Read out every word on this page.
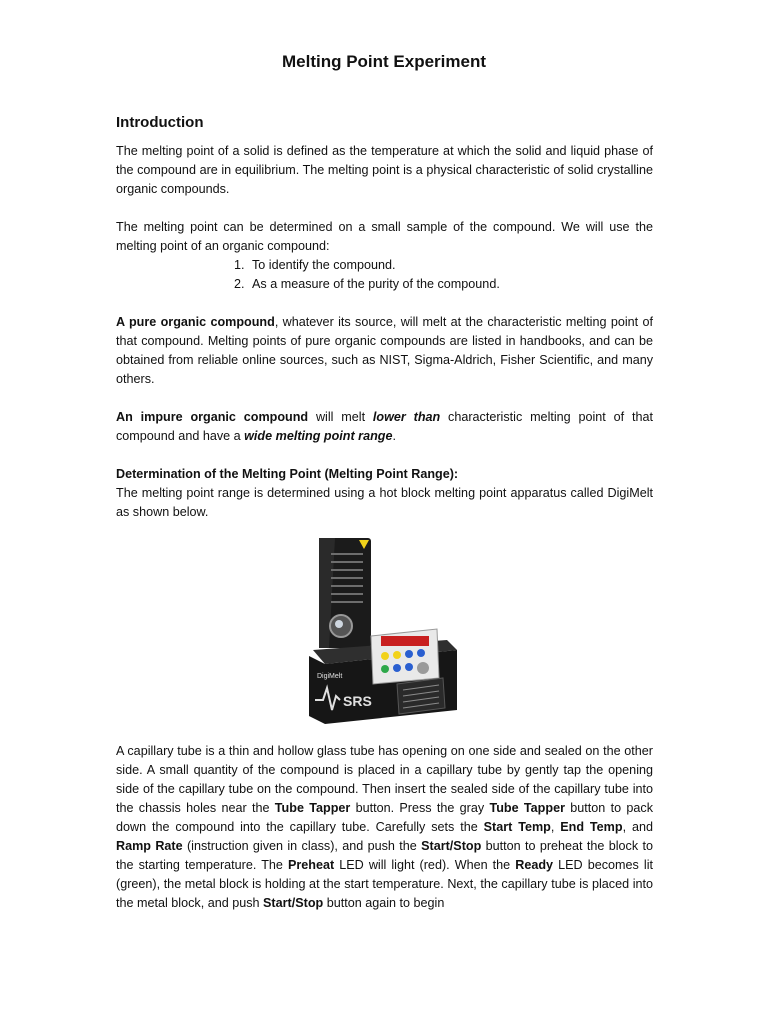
Melting Point Experiment
Introduction

The melting point of a solid is defined as the temperature at which the solid and liquid phase of the compound are in equilibrium. The melting point is a physical characteristic of solid crystalline organic compounds.

The melting point can be determined on a small sample of the compound. We will use the melting point of an organic compound:

1. To identify the compound.
2. As a measure of the purity of the compound.

A pure organic compound, whatever its source, will melt at the characteristic melting point of that compound. Melting points of pure organic compounds are listed in handbooks, and can be obtained from reliable online sources, such as NIST, Sigma-Aldrich, Fisher Scientific, and many others.

An impure organic compound will melt lower than characteristic melting point of that compound and have a wide melting point range.

Determination of the Melting Point (Melting Point Range):

The melting point range is determined using a hot block melting point apparatus called DigiMelt as shown below.

DigiMelt
SRS

A capillary tube is a thin and hollow glass tube has opening on one side and sealed on the other side. A small quantity of the compound is placed in a capillary tube by gently tap the opening side of the capillary tube on the compound. Then insert the sealed side of the capillary tube into the chassis holes near the Tube Tapper button. Press the gray Tube Tapper button to pack down the compound into the capillary tube. Carefully sets the Start Temp, End Temp, and Ramp Rate (instruction given in class), and push the Start/Stop button to preheat the block to the starting temperature. The Preheat LED will light (red). When the Ready LED becomes lit (green), the metal block is holding at the start temperature. Next, the capillary tube is placed into the metal block, and push Start/Stop button again to begin
